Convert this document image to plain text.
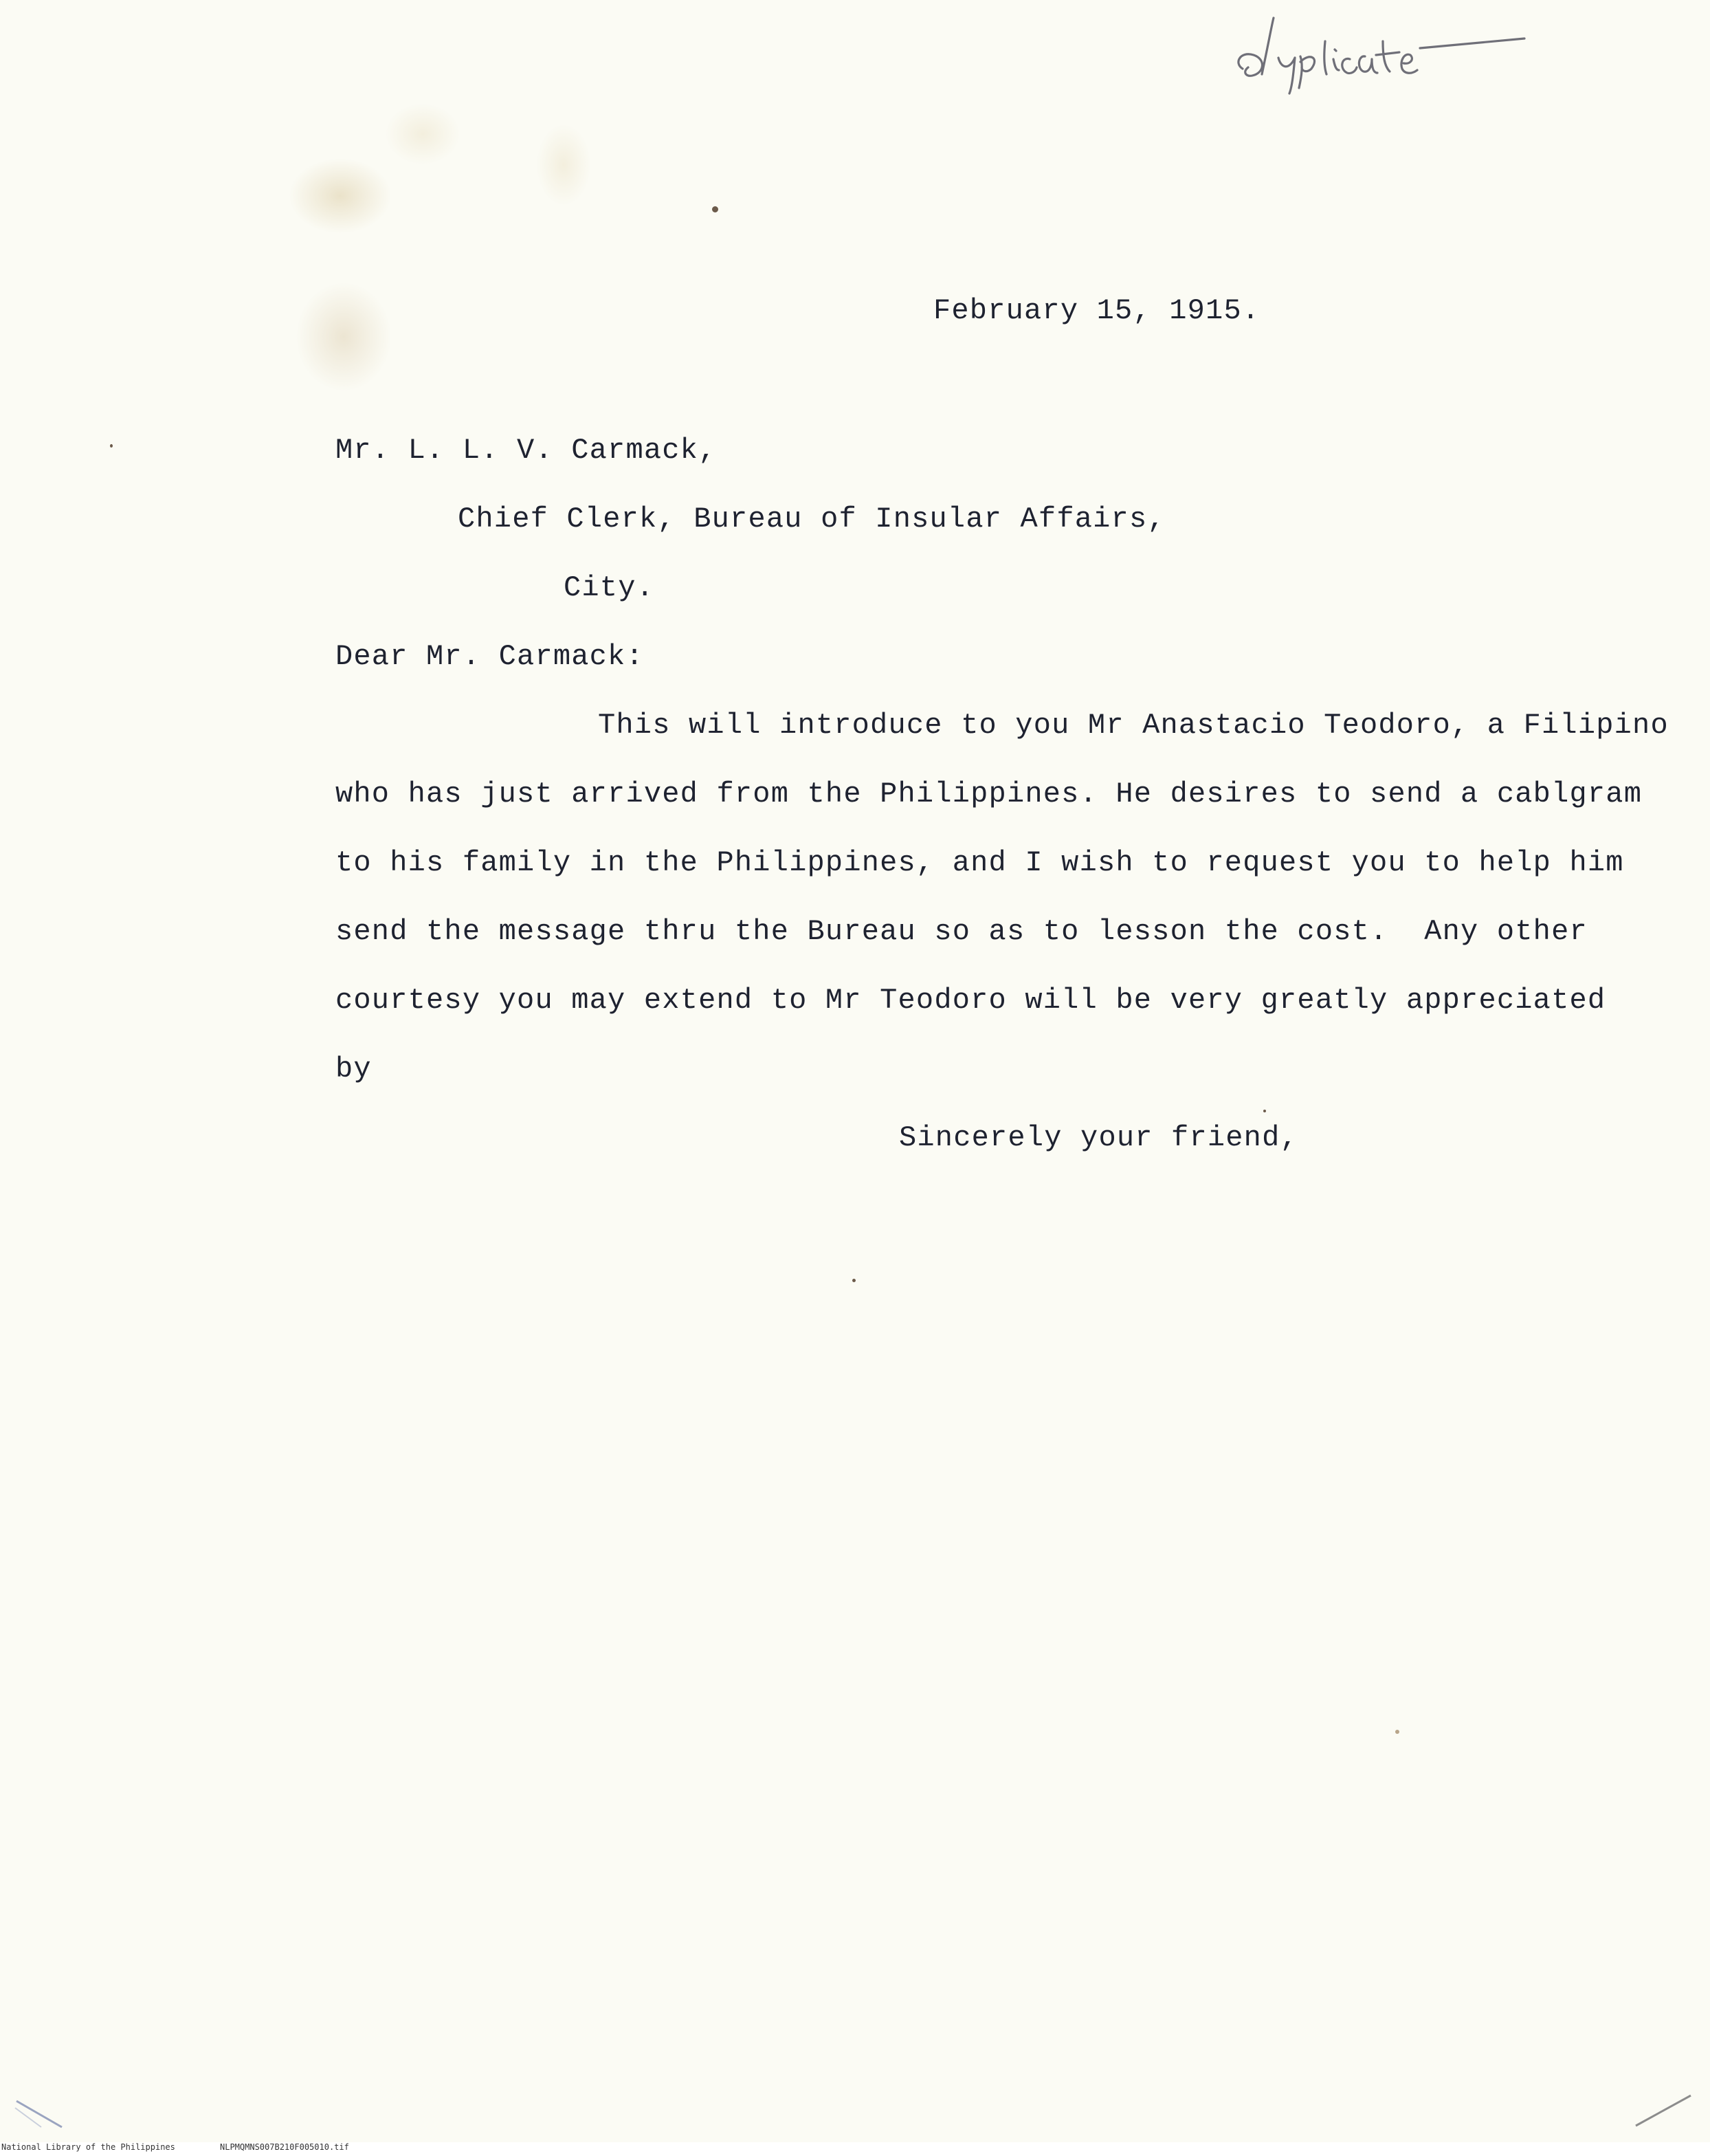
February 15, 1915.
Mr. L. L. V. Carmack,
Chief Clerk, Bureau of Insular Affairs,
City.
Dear Mr. Carmack:
This will introduce to you Mr Anastacio Teodoro, a Filipino
who has just arrived from the Philippines. He desires to send a cablgram
to his family in the Philippines, and I wish to request you to help him
send the message thru the Bureau so as to lesson the cost.  Any other
courtesy you may extend to Mr Teodoro will be very greatly appreciated
by
Sincerely your friend,
National Library of the Philippines	NLPMQMNS007B210F005010.tif
